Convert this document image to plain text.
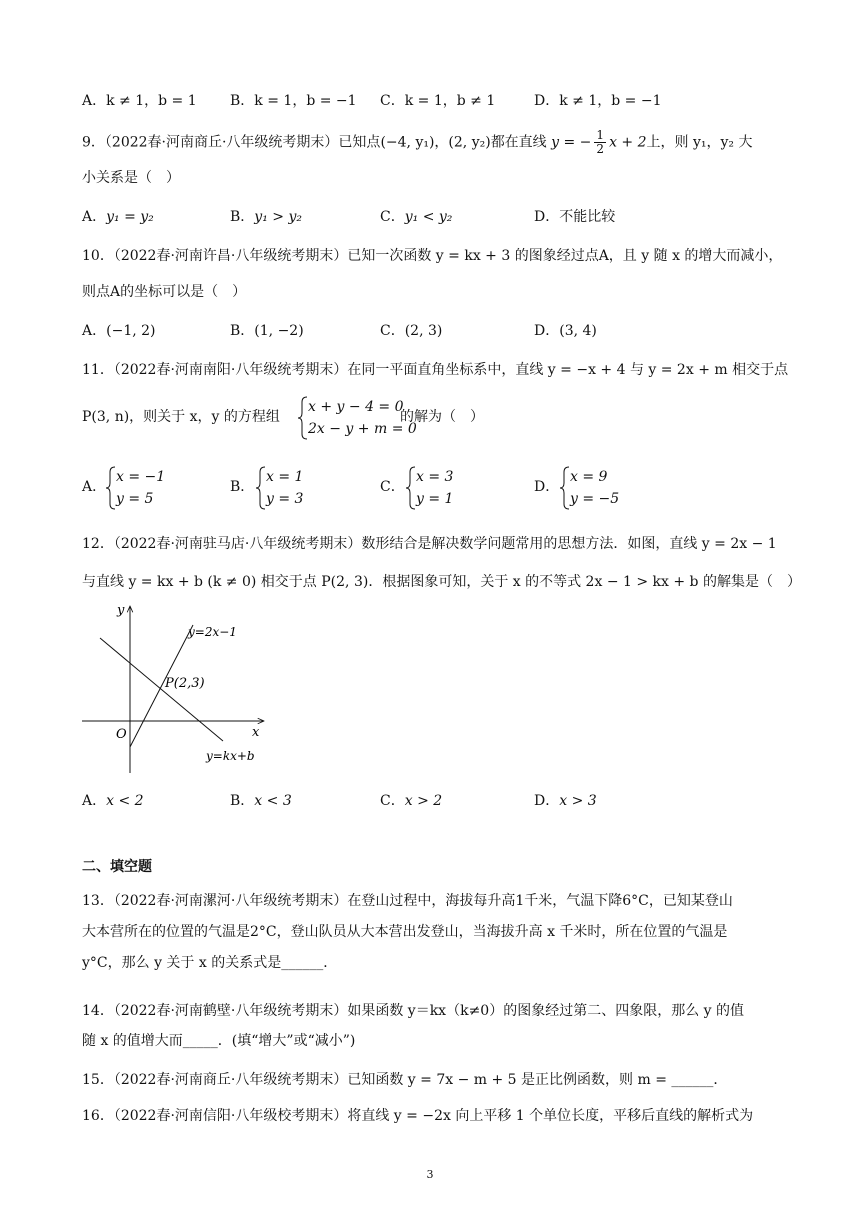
A．k ≠ 1，b = 1 B．k = 1，b = −1 C．k = 1，b ≠ 1	D．k ≠ 1，b = −1
9．（2022春·河南商丘·八年级统考期末）已知点(−4, y₁)，(2, y₂)都在直线 y = − $\frac{1}{2}$ x + 2上，则 y₁，y₂ 大
小关系是（　）
A．y₁ = y₂	B．y₁ > y₂	C．y₁ < y₂	D．不能比较
10．（2022春·河南许昌·八年级统考期末）已知一次函数 y = kx + 3 的图象经过点A，且 y 随 x 的增大而减小，
则点A的坐标可以是（　）
A．(−1, 2)	B．(1, −2)	C．(2, 3)	D．(3, 4)
11．（2022春·河南南阳·八年级统考期末）在同一平面直角坐标系中，直线 y = −x + 4 与 y = 2x + m 相交于点
P(3, n)，则关于 x，y 的方程组
x + y − 4 = 0
2x − y + m = 0
的解为（　）
A．
x = −1
y = 5
B．
x = 1
y = 3
C．
x = 3
y = 1
D．
x = 9
y = −5
12．（2022春·河南驻马店·八年级统考期末）数形结合是解决数学问题常用的思想方法．如图，直线 y = 2x − 1
与直线 y = kx + b (k ≠ 0) 相交于点 P(2, 3)．根据图象可知，关于 x 的不等式 2x − 1 > kx + b 的解集是（　）
y
x
O
P(2,3)
y=2x−1
y=kx+b
A．x < 2	B．x < 3	C．x > 2	D．x > 3
二、填空题
13．（2022春·河南漯河·八年级统考期末）在登山过程中，海拔每升高1千米，气温下降6°C，已知某登山
大本营所在的位置的气温是2°C，登山队员从大本营出发登山，当海拔升高 x 千米时，所在位置的气温是
y°C，那么 y 关于 x 的关系式是______．
14．（2022春·河南鹤壁·八年级统考期末）如果函数 y＝kx（k≠0）的图象经过第二、四象限，那么 y 的值
随 x 的值增大而_____．(填“增大”或“减小”)
15．（2022春·河南商丘·八年级统考期末）已知函数 y = 7x − m + 5 是正比例函数，则 m = ______．
16．（2022春·河南信阳·八年级校考期末）将直线 y = −2x 向上平移 1 个单位长度，平移后直线的解析式为
3
